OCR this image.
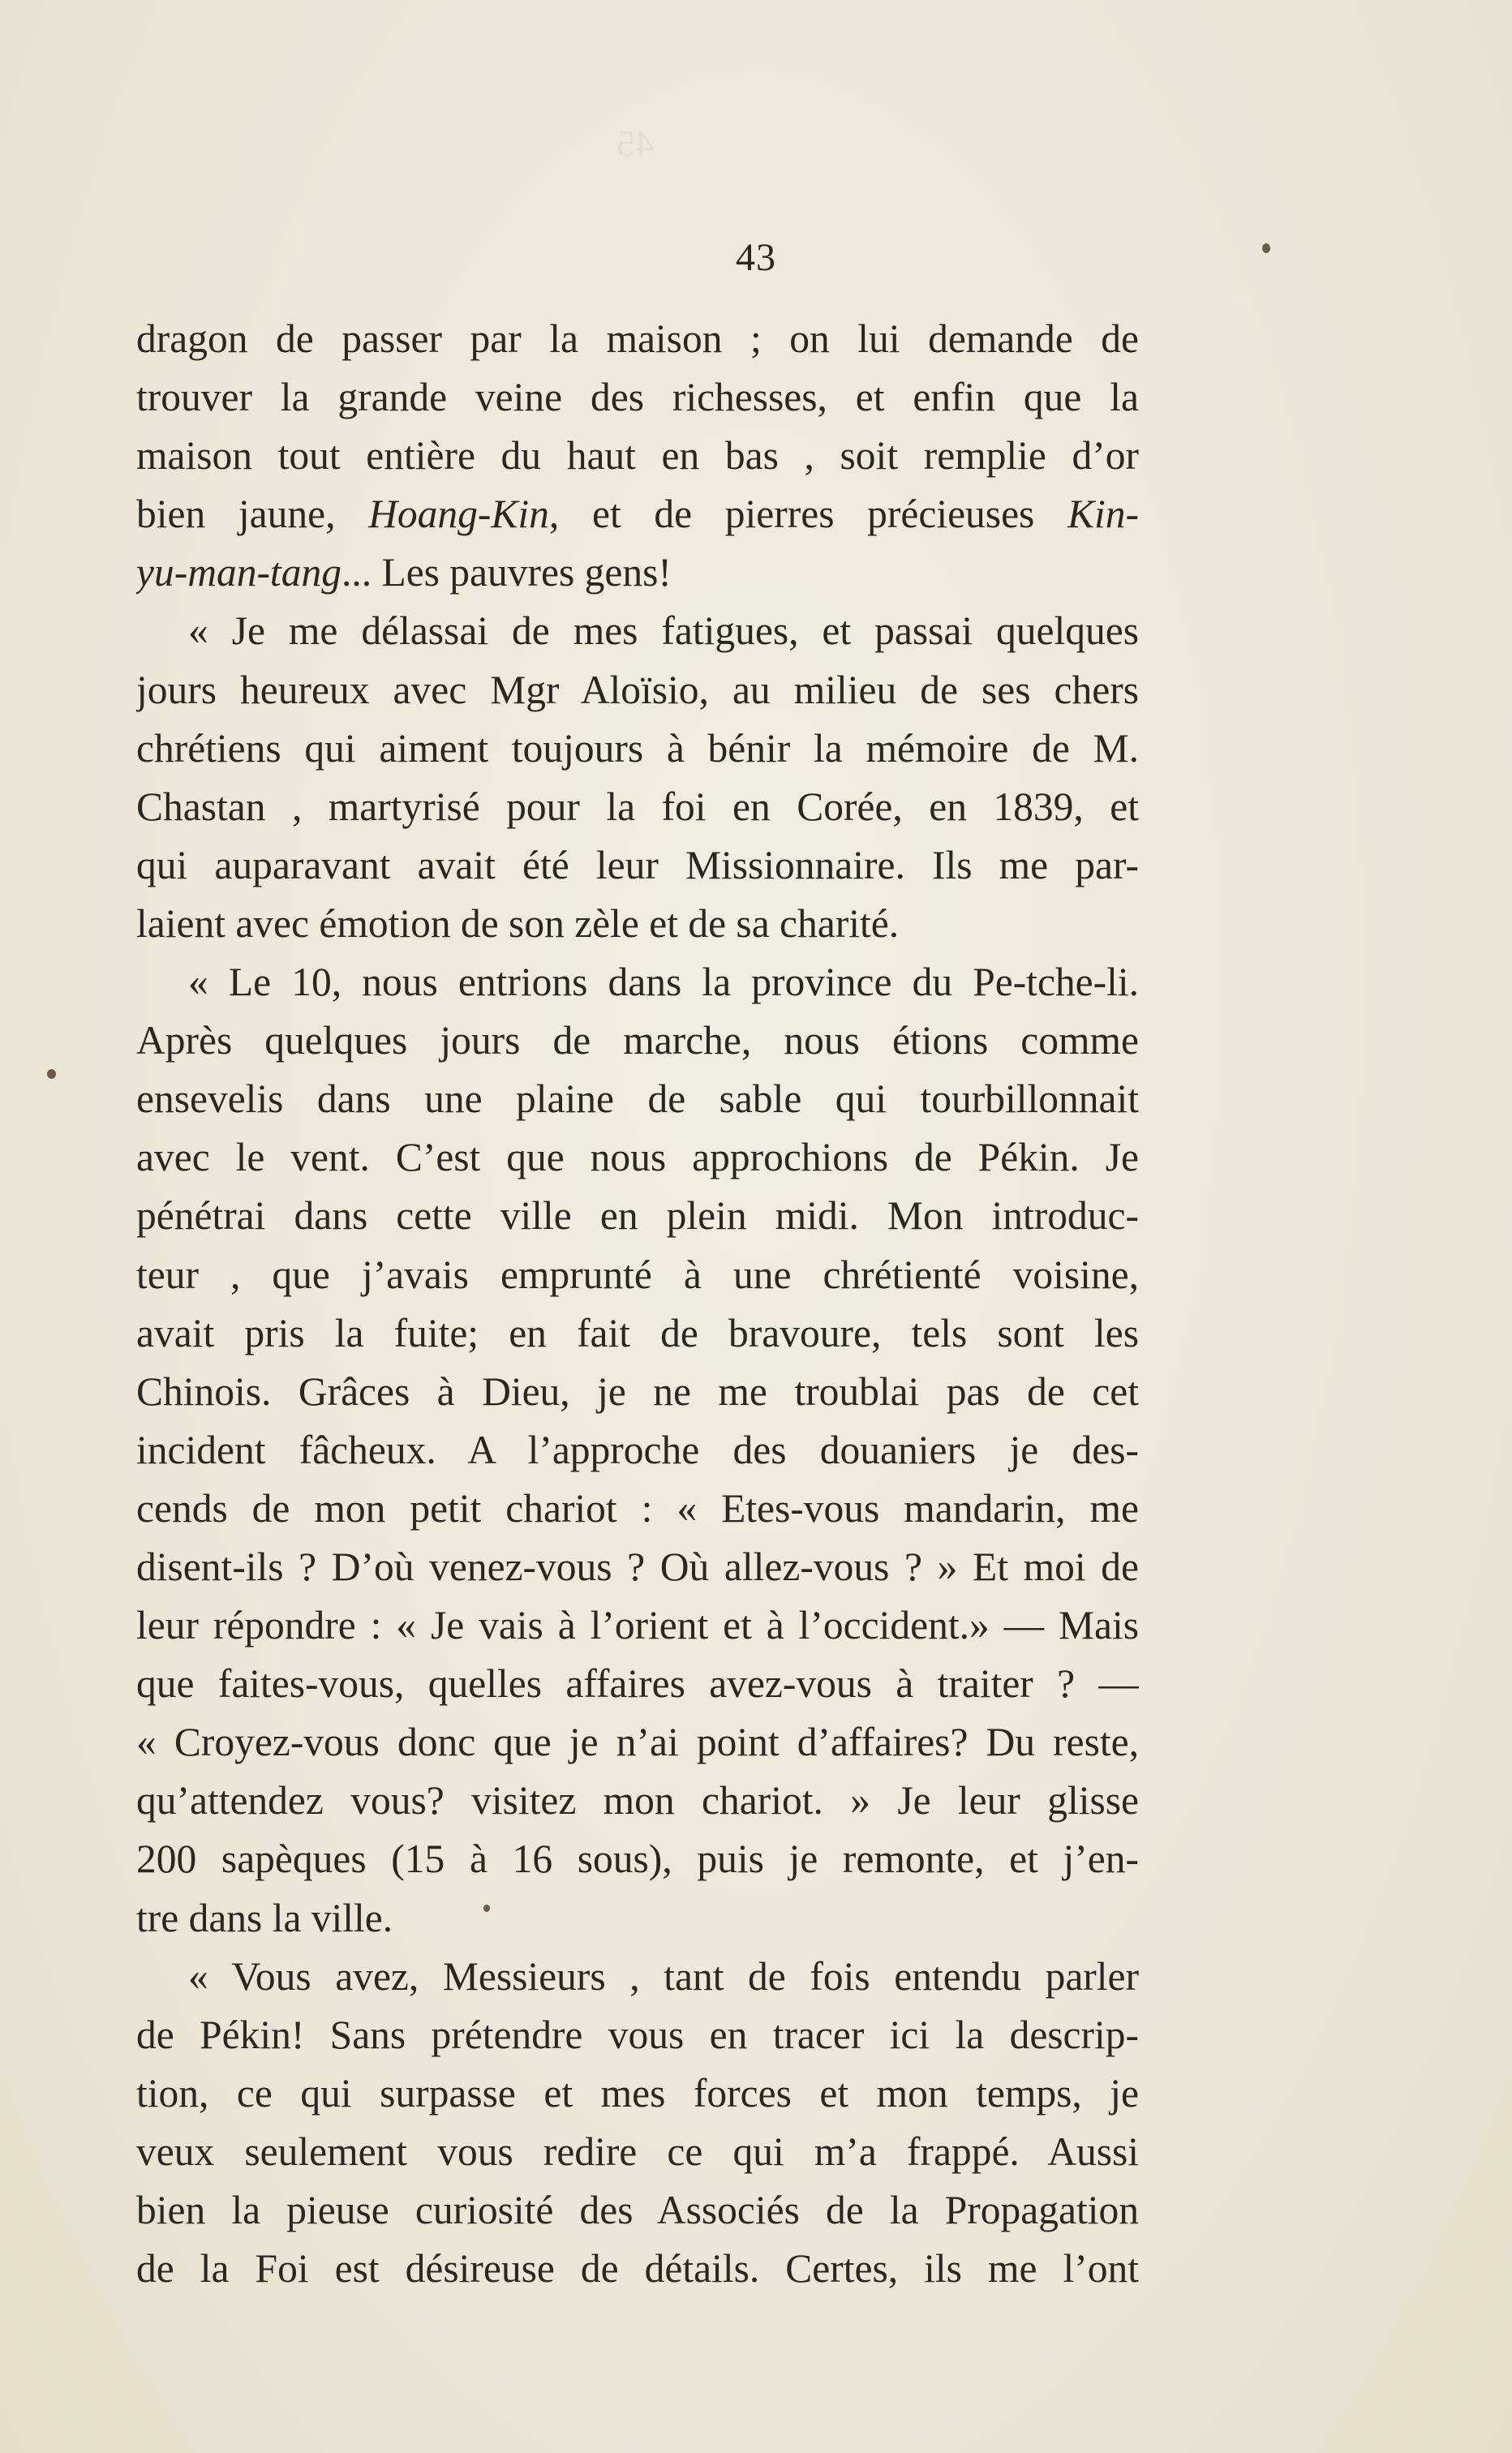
45
43
dragon de passer par la maison ; on lui demande de
trouver la grande veine des richesses, et enfin que la
maison tout entière du haut en bas , soit remplie d’or
bien jaune, Hoang-Kin, et de pierres précieuses Kin-
yu-man-tang... Les pauvres gens!
« Je me délassai de mes fatigues, et passai quelques
jours heureux avec Mgr Aloïsio, au milieu de ses chers
chrétiens qui aiment toujours à bénir la mémoire de M.
Chastan , martyrisé pour la foi en Corée, en 1839, et
qui auparavant avait été leur Missionnaire. Ils me par-
laient avec émotion de son zèle et de sa charité.
« Le 10, nous entrions dans la province du Pe-tche-li.
Après quelques jours de marche, nous étions comme
ensevelis dans une plaine de sable qui tourbillonnait
avec le vent. C’est que nous approchions de Pékin. Je
pénétrai dans cette ville en plein midi. Mon introduc-
teur , que j’avais emprunté à une chrétienté voisine,
avait pris la fuite; en fait de bravoure, tels sont les
Chinois. Grâces à Dieu, je ne me troublai pas de cet
incident fâcheux. A l’approche des douaniers je des-
cends de mon petit chariot : « Etes-vous mandarin, me
disent-ils ? D’où venez-vous ? Où allez-vous ? » Et moi de
leur répondre : « Je vais à l’orient et à l’occident.» — Mais
que faites-vous, quelles affaires avez-vous à traiter ? —
« Croyez-vous donc que je n’ai point d’affaires? Du reste,
qu’attendez vous? visitez mon chariot. » Je leur glisse
200 sapèques (15 à 16 sous), puis je remonte, et j’en-
tre dans la ville.
« Vous avez, Messieurs , tant de fois entendu parler
de Pékin! Sans prétendre vous en tracer ici la descrip-
tion, ce qui surpasse et mes forces et mon temps, je
veux seulement vous redire ce qui m’a frappé. Aussi
bien la pieuse curiosité des Associés de la Propagation
de la Foi est désireuse de détails. Certes, ils me l’ont
